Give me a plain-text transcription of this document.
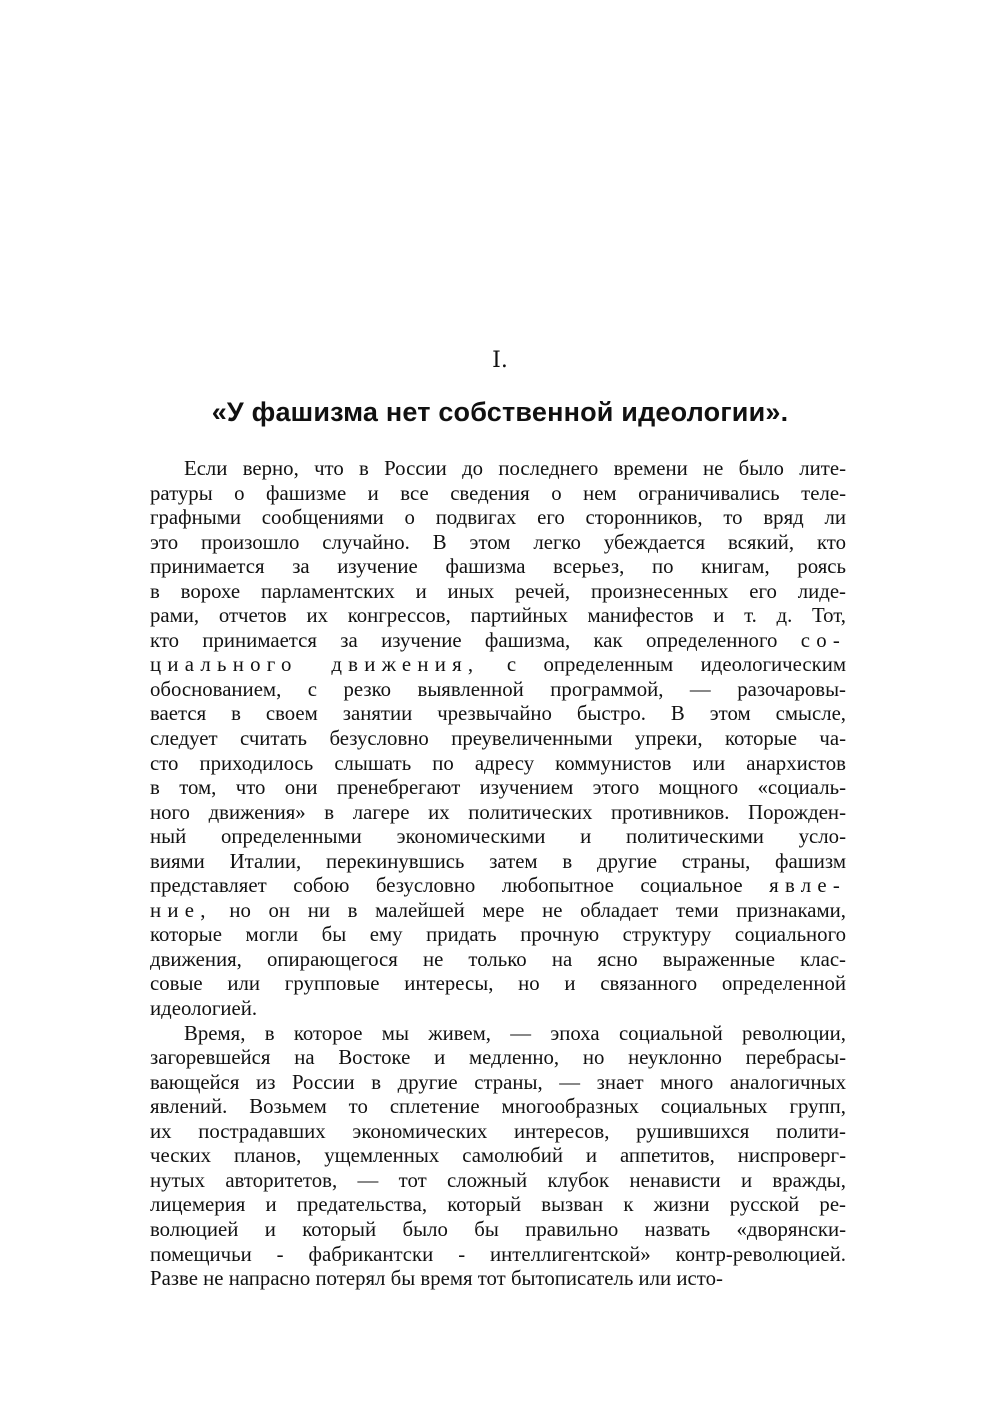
I.
«У фашизма нет собственной идеологии».
Если верно, что в России до последнего времени не было лите-
ратуры о фашизме и все сведения о нем ограничивались теле-
графными сообщениями о подвигах его сторонников, то вряд ли
это произошло случайно. В этом легко убеждается всякий, кто
принимается за изучение фашизма всерьез, по книгам, роясь
в ворохе парламентских и иных речей, произнесенных его лиде-
рами, отчетов их конгрессов, партийных манифестов и т. д. Тот,
кто принимается за изучение фашизма, как определенного со-
циального движения, с определенным идеологическим
обоснованием, с резко выявленной программой, — разочаровы-
вается в своем занятии чрезвычайно быстро. В этом смысле,
следует считать безусловно преувеличенными упреки, которые ча-
сто приходилось слышать по адресу коммунистов или анархистов
в том, что они пренебрегают изучением этого мощного «социаль-
ного движения» в лагере их политических противников. Порожден-
ный определенными экономическими и политическими усло-
виями Италии, перекинувшись затем в другие страны, фашизм
представляет собою безусловно любопытное социальное явле-
ние, но он ни в малейшей мере не обладает теми признаками,
которые могли бы ему придать прочную структуру социального
движения, опирающегося не только на ясно выраженные клас-
совые или групповые интересы, но и связанного определенной
идеологией.
Время, в которое мы живем, — эпоха социальной революции,
загоревшейся на Востоке и медленно, но неуклонно перебрасы-
вающейся из России в другие страны, — знает много аналогичных
явлений. Возьмем то сплетение многообразных социальных групп,
их пострадавших экономических интересов, рушившихся полити-
ческих планов, ущемленных самолюбий и аппетитов, ниспроверг-
нутых авторитетов, — тот сложный клубок ненависти и вражды,
лицемерия и предательства, который вызван к жизни русской ре-
волюцией и который было бы правильно назвать «дворянски-
помещичьи - фабрикантски - интеллигентской» контр-революцией.
Разве не напрасно потерял бы время тот бытописатель или исто-
